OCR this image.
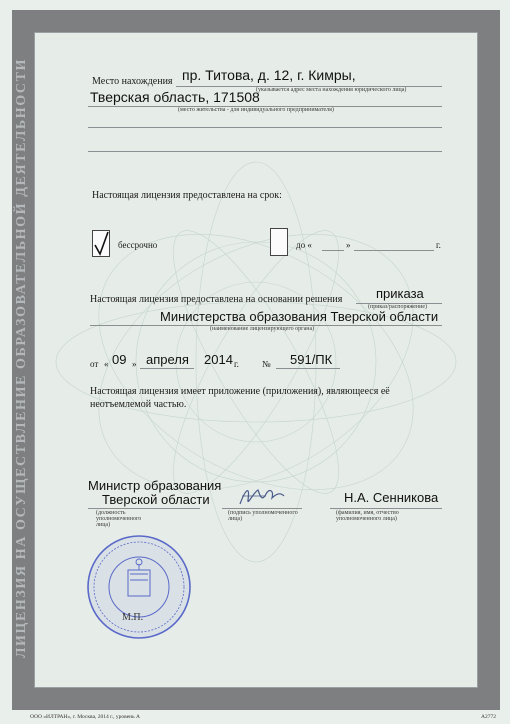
ЛИЦЕНЗИЯ НА ОСУЩЕСТВЛЕНИЕ ОБРАЗОВАТЕЛЬНОЙ ДЕЯТЕЛЬНОСТИ	Место нахождения пр. Титова, д. 12, г. Кимры,
(указывается адрес места нахождения юридического лица)
Тверская область, 171508
(место жительства - для индивидуального предпринимателя)
Настоящая лицензия предоставлена на срок:
бессрочно	до «	»	г.
Настоящая лицензия предоставлена на основании решения	приказа
(приказ/распоряжение)
Министерства образования Тверской области
(наименование лицензирующего органа)
от « 09 » апреля 2014 г.	№ 591/ПК
Настоящая лицензия имеет приложение (приложения), являющееся её
неотъемлемой частью.
Министр образования
Тверской области
(должность уполномоченного лица)
(подпись уполномоченного лица)
Н.А. Сенникова
(фамилия, имя, отчество уполномоченного лица)
М.П.
ООО «ИЛТРАН», г. Москва, 2014 г., уровень А	А2772
